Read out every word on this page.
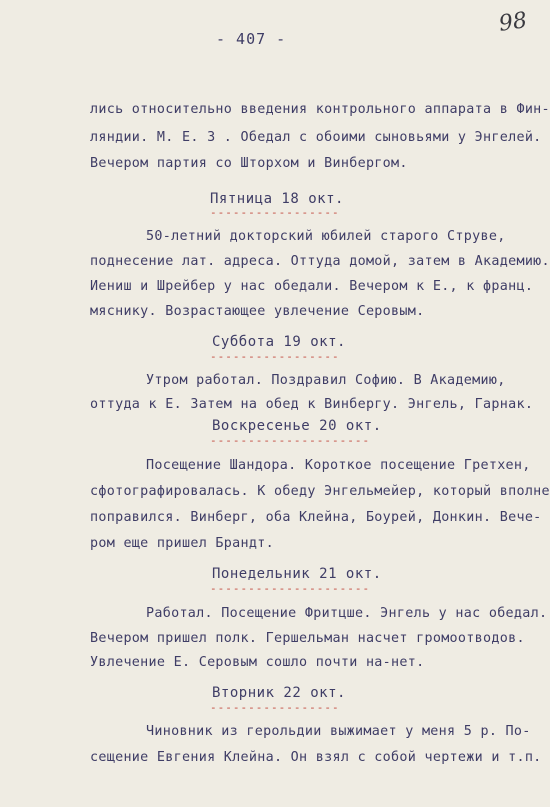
- 407 -
98
лись относительно введения контрольного аппарата в Фин-
ляндии. М. Е. 3 . Обедал с обоими сыновьями у Энгелей.
Вечером партия со Шторхом и Винбергом.
Пятница 18 окт.
-----------------
50-летний докторский юбилей старого Струве,
поднесение лат. адреса. Оттуда домой, затем в Академию.
Иениш и Шрейбер у нас обедали. Вечером к Е., к франц.
мяснику. Возрастающее увлечение Серовым.
Суббота 19 окт.
-----------------
Утром работал. Поздравил Софию. В Академию,
оттуда к Е. Затем на обед к Винбергу. Энгель, Гарнак.
Воскресенье 20 окт.
---------------------
Посещение Шандора. Короткое посещение Гретхен,
сфотографировалась. К обеду Энгельмейер, который вполне
поправился. Винберг, оба Клейна, Боурей, Донкин. Вече-
ром еще пришел Брандт.
Понедельник 21 окт.
---------------------
Работал. Посещение Фритцше. Энгель у нас обедал.
Вечером пришел полк. Гершельман насчет громоотводов.
Увлечение Е. Серовым сошло почти на-нет.
Вторник 22 окт.
-----------------
Чиновник из герольдии выжимает у меня 5 р. По-
сещение Евгения Клейна. Он взял с собой чертежи и т.п.
